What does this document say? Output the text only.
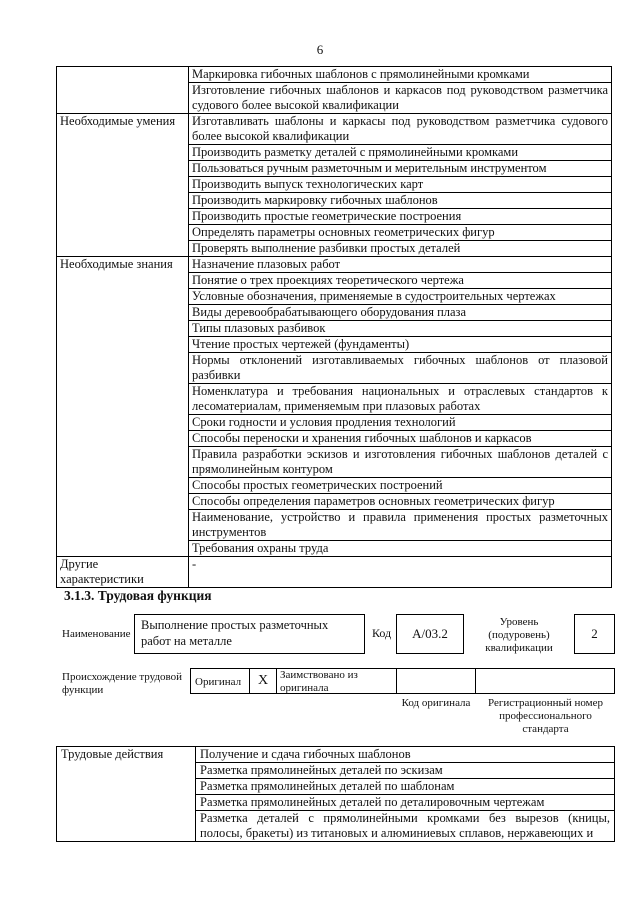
6
	Маркировка гибочных шаблонов с прямолинейными кромками
	Изготовление гибочных шаблонов и каркасов под руководством разметчика судового более высокой квалификации
Необходимые умения	Изготавливать шаблоны и каркасы под руководством разметчика судового более высокой квалификации
	Производить разметку деталей с прямолинейными кромками
	Пользоваться ручным разметочным и мерительным инструментом
	Производить выпуск технологических карт
	Производить маркировку гибочных шаблонов
	Производить простые геометрические построения
	Определять параметры основных геометрических фигур
	Проверять выполнение разбивки простых деталей
Необходимые знания	Назначение плазовых работ
	Понятие о трех проекциях теоретического чертежа
	Условные обозначения, применяемые в судостроительных чертежах
	Виды деревообрабатывающего оборудования плаза
	Типы плазовых разбивок
	Чтение простых чертежей (фундаменты)
	Нормы отклонений изготавливаемых гибочных шаблонов от плазовой разбивки
	Номенклатура и требования национальных и отраслевых стандартов к лесоматериалам, применяемым при плазовых работах
	Сроки годности и условия продления технологий
	Способы переноски и хранения гибочных шаблонов и каркасов
	Правила разработки эскизов и изготовления гибочных шаблонов деталей с прямолинейным контуром
	Способы простых геометрических построений
	Способы определения параметров основных геометрических фигур
	Наименование, устройство и правила применения простых разметочных инструментов
	Требования охраны труда
Другие характеристики	-
3.1.3. Трудовая функция
Наименование
Выполнение простых разметочных работ на металле
Код	А/03.2
Уровень (подуровень) квалификации
2
Происхождение трудовой функции
Оригинал	X	Заимствовано из оригинала
Код оригинала	Регистрационный номер профессионального стандарта
Трудовые действия	Получение и сдача гибочных шаблонов
Разметка прямолинейных деталей по эскизам
Разметка прямолинейных деталей по шаблонам
Разметка прямолинейных деталей по деталировочным чертежам
Разметка деталей с прямолинейными кромками без вырезов (кницы, полосы, бракеты) из титановых и алюминиевых сплавов, нержавеющих и
